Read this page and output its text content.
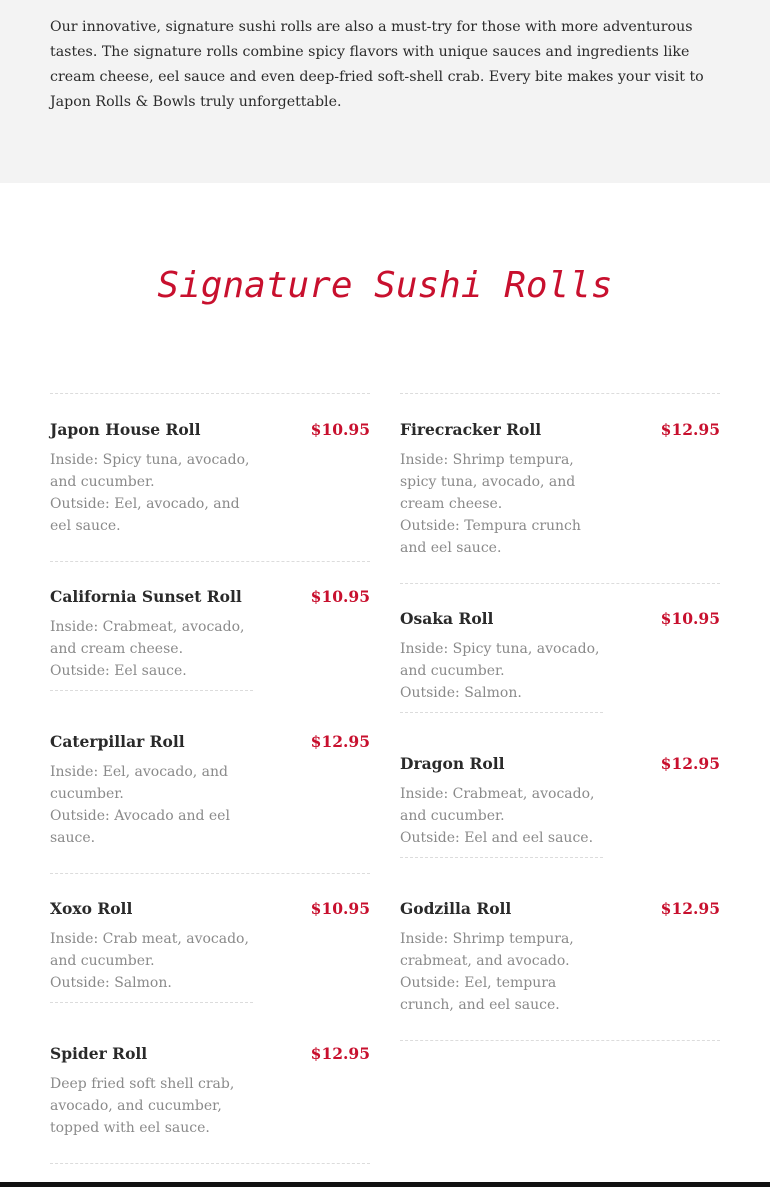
Our innovative, signature sushi rolls are also a must-try for those with more adventurous tastes. The signature rolls combine spicy flavors with unique sauces and ingredients like cream cheese, eel sauce and even deep-fried soft-shell crab. Every bite makes your visit to Japon Rolls & Bowls truly unforgettable.

Signature Sushi Rolls
Japon House Roll	$10.95
Inside: Spicy tuna, avocado, and cucumber.
Outside: Eel, avocado, and eel sauce.
California Sunset Roll	$10.95
Inside: Crabmeat, avocado, and cream cheese.
Outside: Eel sauce.
Caterpillar Roll	$12.95
Inside: Eel, avocado, and cucumber.
Outside: Avocado and eel sauce.
Xoxo Roll	$10.95
Inside: Crab meat, avocado, and cucumber.
Outside: Salmon.
Spider Roll	$12.95
Deep fried soft shell crab, avocado, and cucumber, topped with eel sauce.
Firecracker Roll	$12.95
Inside: Shrimp tempura, spicy tuna, avocado, and cream cheese.
Outside: Tempura crunch and eel sauce.
Osaka Roll	$10.95
Inside: Spicy tuna, avocado, and cucumber.
Outside: Salmon.
Dragon Roll	$12.95
Inside: Crabmeat, avocado, and cucumber.
Outside: Eel and eel sauce.
Godzilla Roll	$12.95
Inside: Shrimp tempura, crabmeat, and avocado.
Outside: Eel, tempura crunch, and eel sauce.
